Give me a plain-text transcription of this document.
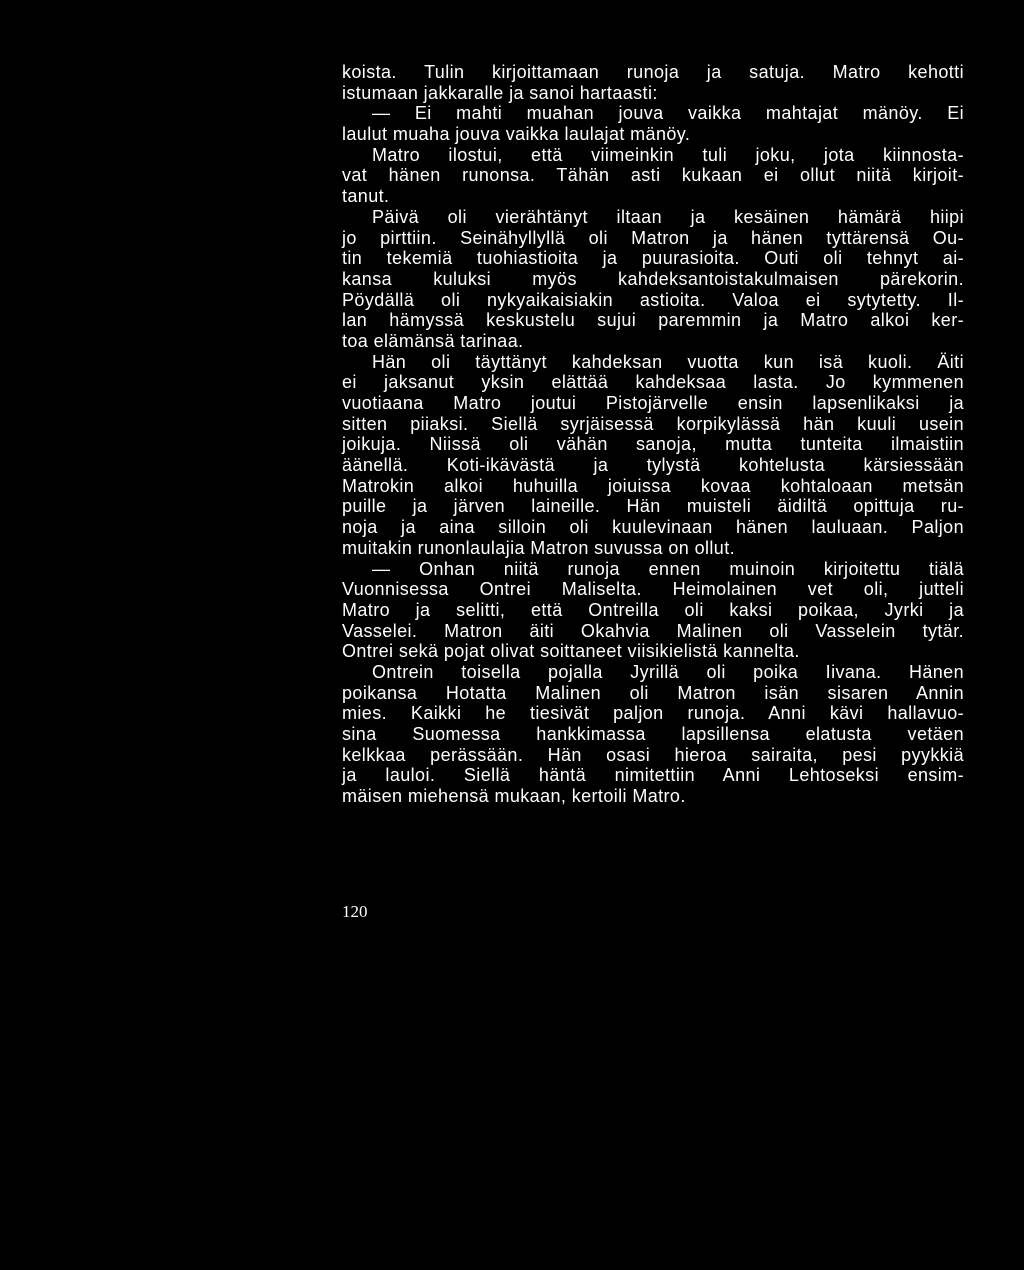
koista. Tulin kirjoittamaan runoja ja satuja. Matro kehotti
istumaan jakkaralle ja sanoi hartaasti:
— Ei mahti muahan jouva vaikka mahtajat mänöy. Ei
laulut muaha jouva vaikka laulajat mänöy.
Matro ilostui, että viimeinkin tuli joku, jota kiinnosta-
vat hänen runonsa. Tähän asti kukaan ei ollut niitä kirjoit-
tanut.
Päivä oli vierähtänyt iltaan ja kesäinen hämärä hiipi
jo pirttiin. Seinähyllyllä oli Matron ja hänen tyttärensä Ou-
tin tekemiä tuohiastioita ja puurasioita. Outi oli tehnyt ai-
kansa kuluksi myös kahdeksantoistakulmaisen pärekorin.
Pöydällä oli nykyaikaisiakin astioita. Valoa ei sytytetty. Il-
lan hämyssä keskustelu sujui paremmin ja Matro alkoi ker-
toa elämänsä tarinaa.
Hän oli täyttänyt kahdeksan vuotta kun isä kuoli. Äiti
ei jaksanut yksin elättää kahdeksaa lasta. Jo kymmenen
vuotiaana Matro joutui Pistojärvelle ensin lapsenlikaksi ja
sitten piiaksi. Siellä syrjäisessä korpikylässä hän kuuli usein
joikuja. Niissä oli vähän sanoja, mutta tunteita ilmaistiin
äänellä. Koti-ikävästä ja tylystä kohtelusta kärsiessään
Matrokin alkoi huhuilla joiuissa kovaa kohtaloaan metsän
puille ja järven laineille. Hän muisteli äidiltä opittuja ru-
noja ja aina silloin oli kuulevinaan hänen lauluaan. Paljon
muitakin runonlaulajia Matron suvussa on ollut.
— Onhan niitä runoja ennen muinoin kirjoitettu tiälä
Vuonnisessa Ontrei Maliselta. Heimolainen vet oli, jutteli
Matro ja selitti, että Ontreilla oli kaksi poikaa, Jyrki ja
Vasselei. Matron äiti Okahvia Malinen oli Vasselein tytär.
Ontrei sekä pojat olivat soittaneet viisikielistä kannelta.
Ontrein toisella pojalla Jyrillä oli poika Iivana. Hänen
poikansa Hotatta Malinen oli Matron isän sisaren Annin
mies. Kaikki he tiesivät paljon runoja. Anni kävi hallavuo-
sina Suomessa hankkimassa lapsillensa elatusta vetäen
kelkkaa perässään. Hän osasi hieroa sairaita, pesi pyykkiä
ja lauloi. Siellä häntä nimitettiin Anni Lehtoseksi ensim-
mäisen miehensä mukaan, kertoili Matro.
120
